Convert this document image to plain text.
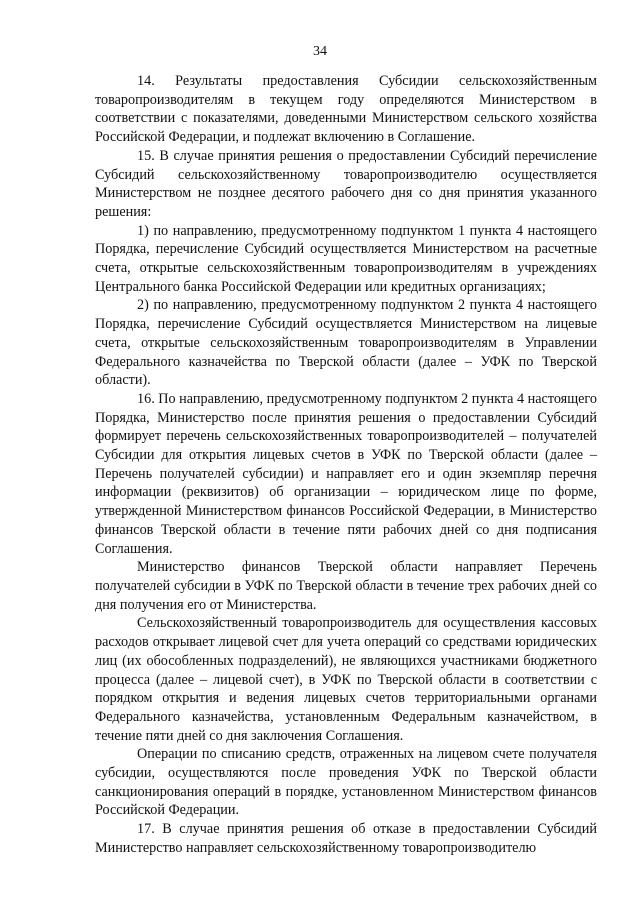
34

14. Результаты предоставления Субсидии сельскохозяйственным товаропроизводителям в текущем году определяются Министерством в соответствии с показателями, доведенными Министерством сельского хозяйства Российской Федерации, и подлежат включению в Соглашение.

15. В случае принятия решения о предоставлении Субсидий перечисление Субсидий сельскохозяйственному товаропроизводителю осуществляется Министерством не позднее десятого рабочего дня со дня принятия указанного решения:

1) по направлению, предусмотренному подпунктом 1 пункта 4 настоящего Порядка, перечисление Субсидий осуществляется Министерством на расчетные счета, открытые сельскохозяйственным товаропроизводителям в учреждениях Центрального банка Российской Федерации или кредитных организациях;

2) по направлению, предусмотренному подпунктом 2 пункта 4 настоящего Порядка, перечисление Субсидий осуществляется Министерством на лицевые счета, открытые сельскохозяйственным товаропроизводителям в Управлении Федерального казначейства по Тверской области (далее – УФК по Тверской области).

16. По направлению, предусмотренному подпунктом 2 пункта 4 настоящего Порядка, Министерство после принятия решения о предоставлении Субсидий формирует перечень сельскохозяйственных товаропроизводителей – получателей Субсидии для открытия лицевых счетов в УФК по Тверской области (далее – Перечень получателей субсидии) и направляет его и один экземпляр перечня информации (реквизитов) об организации – юридическом лице по форме, утвержденной Министерством финансов Российской Федерации, в Министерство финансов Тверской области в течение пяти рабочих дней со дня подписания Соглашения.

Министерство финансов Тверской области направляет Перечень получателей субсидии в УФК по Тверской области в течение трех рабочих дней со дня получения его от Министерства.

Сельскохозяйственный товаропроизводитель для осуществления кассовых расходов открывает лицевой счет для учета операций со средствами юридических лиц (их обособленных подразделений), не являющихся участниками бюджетного процесса (далее – лицевой счет), в УФК по Тверской области в соответствии с порядком открытия и ведения лицевых счетов территориальными органами Федерального казначейства, установленным Федеральным казначейством, в течение пяти дней со дня заключения Соглашения.

Операции по списанию средств, отраженных на лицевом счете получателя субсидии, осуществляются после проведения УФК по Тверской области санкционирования операций в порядке, установленном Министерством финансов Российской Федерации.

17. В случае принятия решения об отказе в предоставлении Субсидий Министерство направляет сельскохозяйственному товаропроизводителю
